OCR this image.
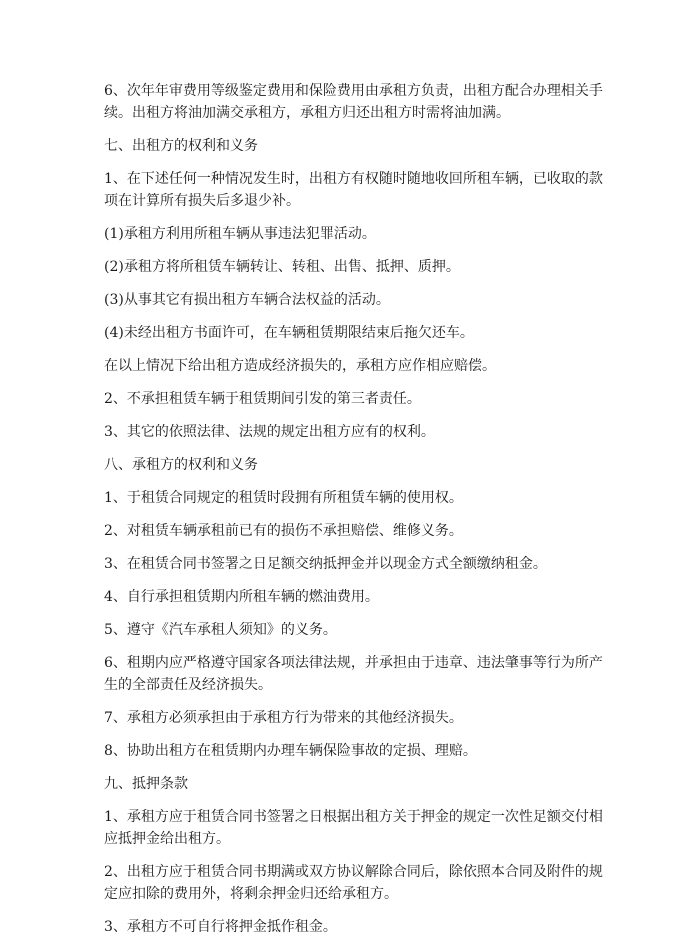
6、次年年审费用等级鉴定费用和保险费用由承租方负责，出租方配合办理相关手续。出租方将油加满交承租方，承租方归还出租方时需将油加满。

七、出租方的权利和义务

1、在下述任何一种情况发生时，出租方有权随时随地收回所租车辆，已收取的款项在计算所有损失后多退少补。

(1)承租方利用所租车辆从事违法犯罪活动。

(2)承租方将所租赁车辆转让、转租、出售、抵押、质押。

(3)从事其它有损出租方车辆合法权益的活动。

(4)未经出租方书面许可，在车辆租赁期限结束后拖欠还车。

在以上情况下给出租方造成经济损失的，承租方应作相应赔偿。

2、不承担租赁车辆于租赁期间引发的第三者责任。

3、其它的依照法律、法规的规定出租方应有的权利。

八、承租方的权利和义务

1、于租赁合同规定的租赁时段拥有所租赁车辆的使用权。

2、对租赁车辆承租前已有的损伤不承担赔偿、维修义务。

3、在租赁合同书签署之日足额交纳抵押金并以现金方式全额缴纳租金。

4、自行承担租赁期内所租车辆的燃油费用。

5、遵守《汽车承租人须知》的义务。

6、租期内应严格遵守国家各项法律法规，并承担由于违章、违法肇事等行为所产生的全部责任及经济损失。

7、承租方必须承担由于承租方行为带来的其他经济损失。

8、协助出租方在租赁期内办理车辆保险事故的定损、理赔。

九、抵押条款

1、承租方应于租赁合同书签署之日根据出租方关于押金的规定一次性足额交付相应抵押金给出租方。

2、出租方应于租赁合同书期满或双方协议解除合同后，除依照本合同及附件的规定应扣除的费用外，将剩余押金归还给承租方。

3、承租方不可自行将押金抵作租金。
